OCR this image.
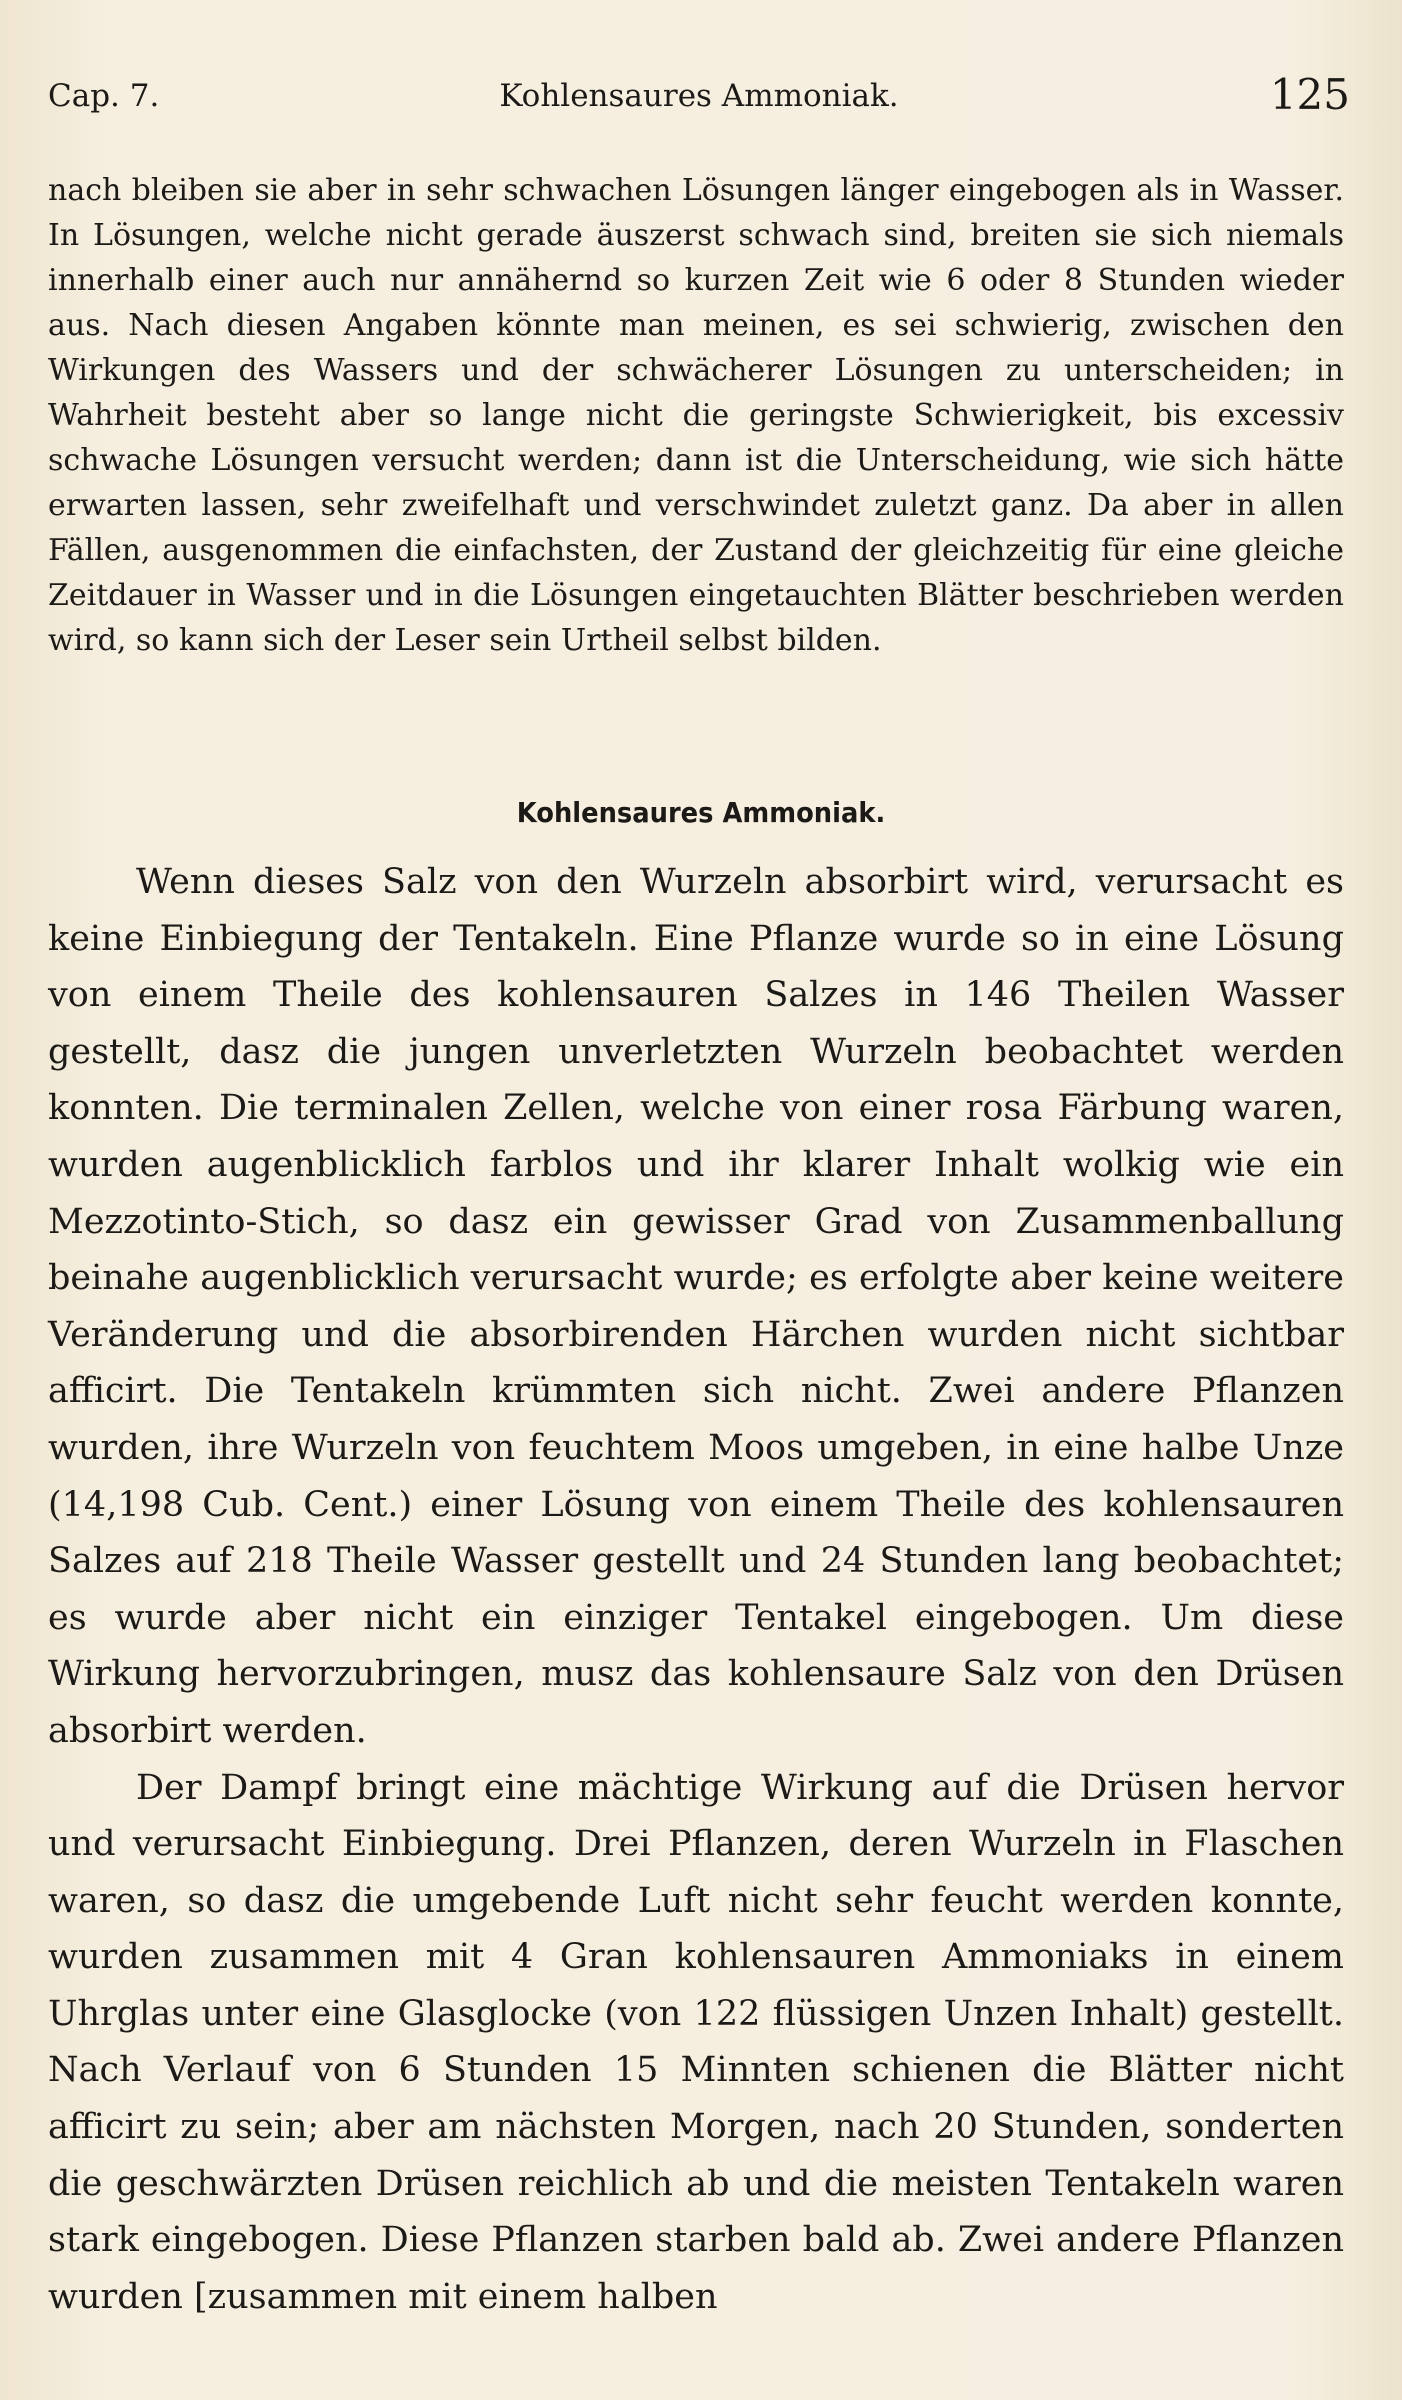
Cap. 7.	Kohlensaures Ammoniak.	125

nach bleiben sie aber in sehr schwachen Lösungen länger eingebogen als in Wasser. In Lösungen, welche nicht gerade äuszerst schwach sind, breiten sie sich niemals innerhalb einer auch nur annähernd so kurzen Zeit wie 6 oder 8 Stunden wieder aus. Nach diesen Angaben könnte man meinen, es sei schwierig, zwischen den Wirkungen des Wassers und der schwächerer Lösungen zu unterscheiden; in Wahrheit besteht aber so lange nicht die geringste Schwierigkeit, bis excessiv schwache Lösungen versucht werden; dann ist die Unterscheidung, wie sich hätte erwarten lassen, sehr zweifelhaft und verschwindet zuletzt ganz. Da aber in allen Fällen, ausgenommen die einfachsten, der Zustand der gleichzeitig für eine gleiche Zeitdauer in Wasser und in die Lösungen eingetauchten Blätter beschrieben werden wird, so kann sich der Leser sein Urtheil selbst bilden.

Kohlensaures Ammoniak.

Wenn dieses Salz von den Wurzeln absorbirt wird, verursacht es keine Einbiegung der Tentakeln. Eine Pflanze wurde so in eine Lösung von einem Theile des kohlensauren Salzes in 146 Theilen Wasser gestellt, dasz die jungen unverletzten Wurzeln beobachtet werden konnten. Die terminalen Zellen, welche von einer rosa Färbung waren, wurden augenblicklich farblos und ihr klarer Inhalt wolkig wie ein Mezzotinto-Stich, so dasz ein gewisser Grad von Zusammenballung beinahe augenblicklich verursacht wurde; es erfolgte aber keine weitere Veränderung und die absorbirenden Härchen wurden nicht sichtbar afficirt. Die Tentakeln krümmten sich nicht. Zwei andere Pflanzen wurden, ihre Wurzeln von feuchtem Moos umgeben, in eine halbe Unze (14,198 Cub. Cent.) einer Lösung von einem Theile des kohlensauren Salzes auf 218 Theile Wasser gestellt und 24 Stunden lang beobachtet; es wurde aber nicht ein einziger Tentakel eingebogen. Um diese Wirkung hervorzubringen, musz das kohlensaure Salz von den Drüsen absorbirt werden.

Der Dampf bringt eine mächtige Wirkung auf die Drüsen hervor und verursacht Einbiegung. Drei Pflanzen, deren Wurzeln in Flaschen waren, so dasz die umgebende Luft nicht sehr feucht werden konnte, wurden zusammen mit 4 Gran kohlensauren Ammoniaks in einem Uhrglas unter eine Glasglocke (von 122 flüssigen Unzen Inhalt) gestellt. Nach Verlauf von 6 Stunden 15 Minnten schienen die Blätter nicht afficirt zu sein; aber am nächsten Morgen, nach 20 Stunden, sonderten die geschwärzten Drüsen reichlich ab und die meisten Tentakeln waren stark eingebogen. Diese Pflanzen starben bald ab. Zwei andere Pflanzen wurden [zusammen mit einem halben
